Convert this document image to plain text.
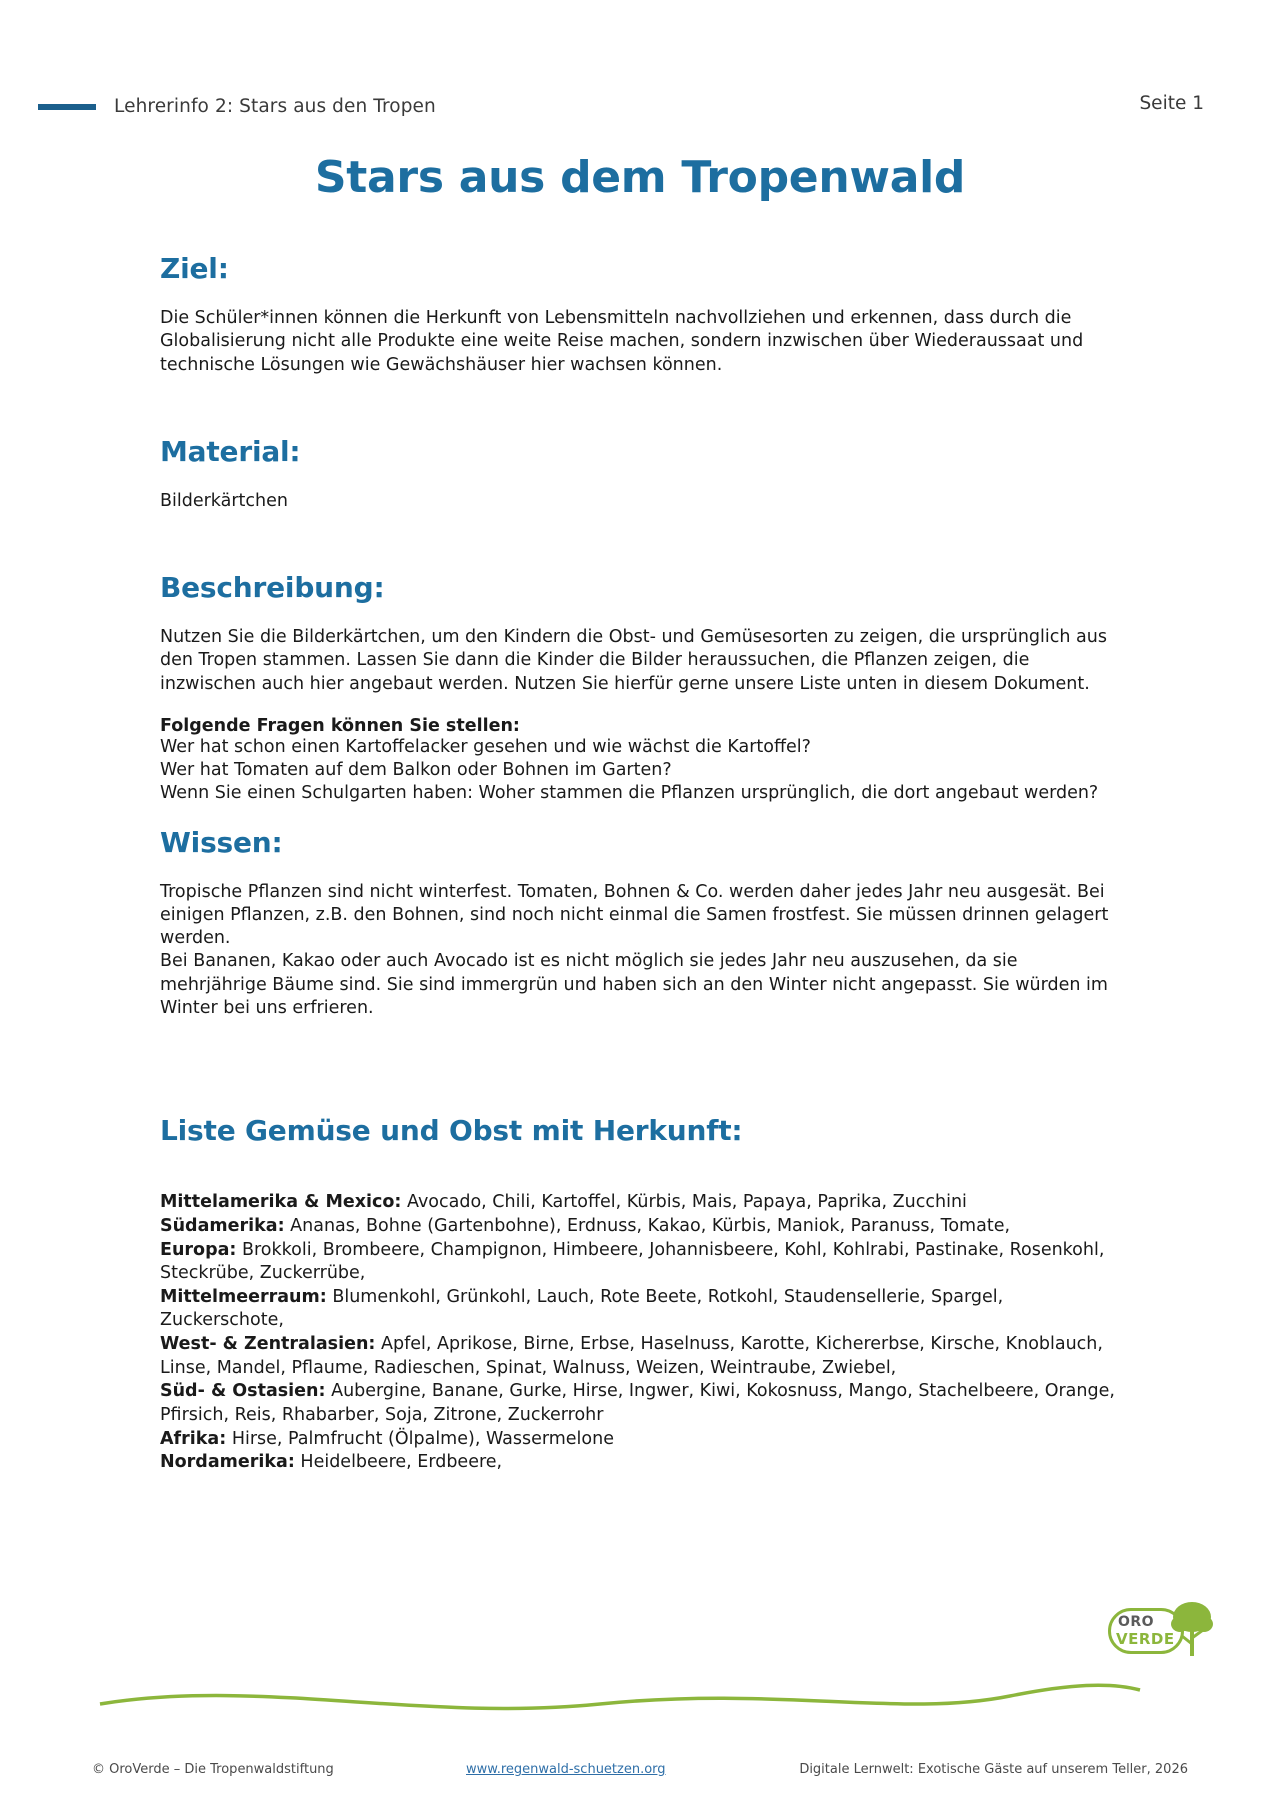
Lehrerinfo 2: Stars aus den Tropen	Seite 1
Stars aus dem Tropenwald
Ziel:
Die Schüler*innen können die Herkunft von Lebensmitteln nachvollziehen und erkennen, dass durch die Globalisierung nicht alle Produkte eine weite Reise machen, sondern inzwischen über Wiederaussaat und technische Lösungen wie Gewächshäuser hier wachsen können.
Material:
Bilderkärtchen
Beschreibung:
Nutzen Sie die Bilderkärtchen, um den Kindern die Obst- und Gemüsesorten zu zeigen, die ursprünglich aus den Tropen stammen. Lassen Sie dann die Kinder die Bilder heraussuchen, die Pflanzen zeigen, die inzwischen auch hier angebaut werden. Nutzen Sie hierfür gerne unsere Liste unten in diesem Dokument.
Folgende Fragen können Sie stellen:
Wer hat schon einen Kartoffelacker gesehen und wie wächst die Kartoffel?
Wer hat Tomaten auf dem Balkon oder Bohnen im Garten?
Wenn Sie einen Schulgarten haben: Woher stammen die Pflanzen ursprünglich, die dort angebaut werden?
Wissen:
Tropische Pflanzen sind nicht winterfest. Tomaten, Bohnen & Co. werden daher jedes Jahr neu ausgesät. Bei einigen Pflanzen, z.B. den Bohnen, sind noch nicht einmal die Samen frostfest. Sie müssen drinnen gelagert werden.
Bei Bananen, Kakao oder auch Avocado ist es nicht möglich sie jedes Jahr neu auszusehen, da sie mehrjährige Bäume sind. Sie sind immergrün und haben sich an den Winter nicht angepasst. Sie würden im Winter bei uns erfrieren.
Liste Gemüse und Obst mit Herkunft:

Mittelamerika & Mexico: Avocado, Chili, Kartoffel, Kürbis, Mais, Papaya, Paprika, Zucchini

Südamerika: Ananas, Bohne (Gartenbohne), Erdnuss, Kakao, Kürbis, Maniok, Paranuss, Tomate,

Europa: Brokkoli, Brombeere, Champignon, Himbeere, Johannisbeere, Kohl, Kohlrabi, Pastinake, Rosenkohl, Steckrübe, Zuckerrübe,

Mittelmeerraum: Blumenkohl, Grünkohl, Lauch, Rote Beete, Rotkohl, Staudensellerie, Spargel, Zuckerschote,

West- & Zentralasien: Apfel, Aprikose, Birne, Erbse, Haselnuss, Karotte, Kichererbse, Kirsche, Knoblauch, Linse, Mandel, Pflaume, Radieschen, Spinat, Walnuss, Weizen, Weintraube, Zwiebel,

Süd- & Ostasien: Aubergine, Banane, Gurke, Hirse, Ingwer, Kiwi, Kokosnuss, Mango, Stachelbeere, Orange, Pfirsich, Reis, Rhabarber, Soja, Zitrone, Zuckerrohr

Afrika: Hirse, Palmfrucht (Ölpalme), Wassermelone

Nordamerika: Heidelbeere, Erdbeere,

ORO
VERDE
© OroVerde – Die Tropenwaldstiftung	www.regenwald-schuetzen.org	Digitale Lernwelt: Exotische Gäste auf unserem Teller, 2026
